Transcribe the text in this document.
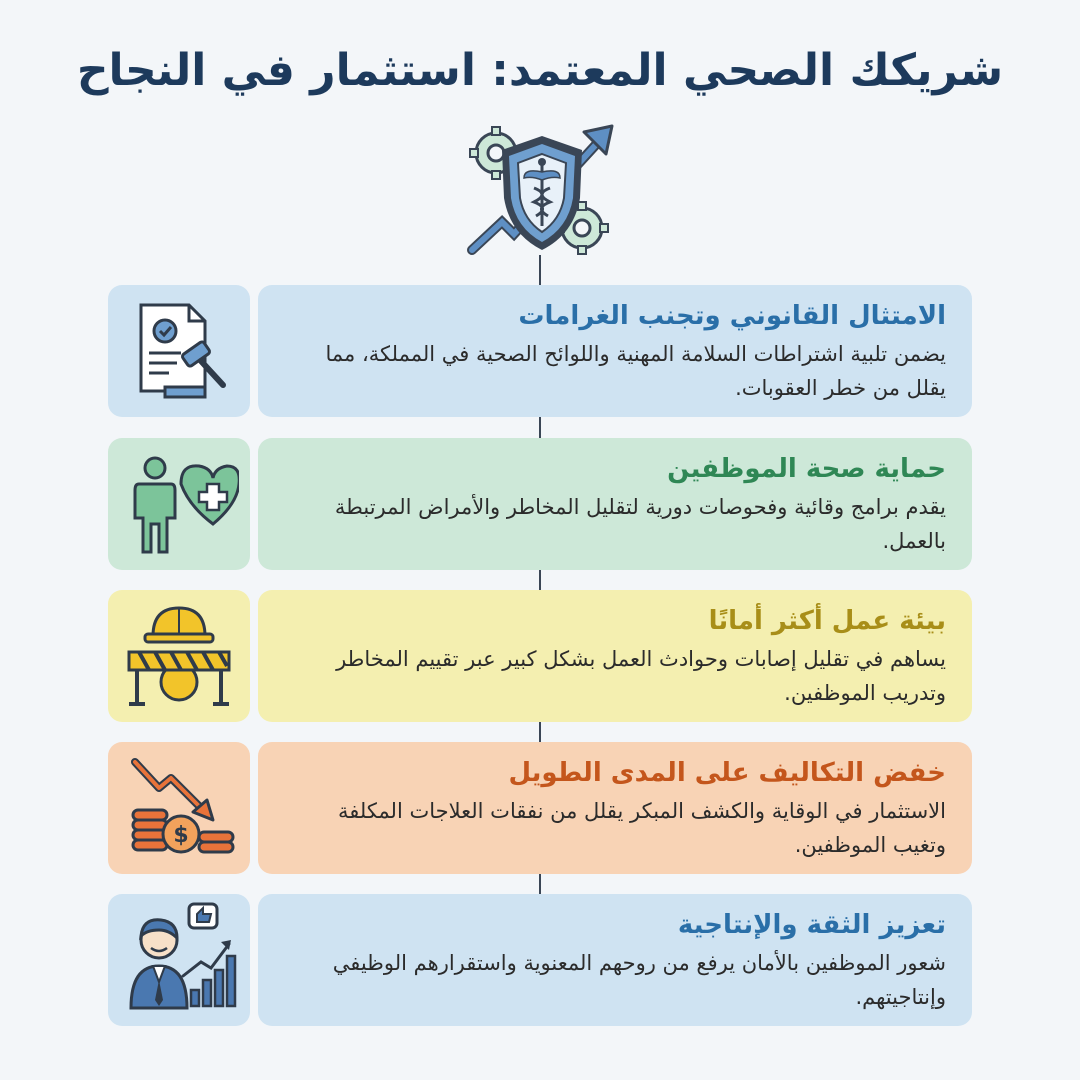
شريكك الصحي المعتمد: استثمار في النجاح

الامتثال القانوني وتجنب الغرامات

يضمن تلبية اشتراطات السلامة المهنية واللوائح الصحية في المملكة، مما يقلل من خطر العقوبات.

حماية صحة الموظفين

يقدم برامج وقائية وفحوصات دورية لتقليل المخاطر والأمراض المرتبطة بالعمل.

بيئة عمل أكثر أمانًا

يساهم في تقليل إصابات وحوادث العمل بشكل كبير عبر تقييم المخاطر وتدريب الموظفين.

$

خفض التكاليف على المدى الطويل

الاستثمار في الوقاية والكشف المبكر يقلل من نفقات العلاجات المكلفة وتغيب الموظفين.

تعزيز الثقة والإنتاجية

شعور الموظفين بالأمان يرفع من روحهم المعنوية واستقرارهم الوظيفي وإنتاجيتهم.
